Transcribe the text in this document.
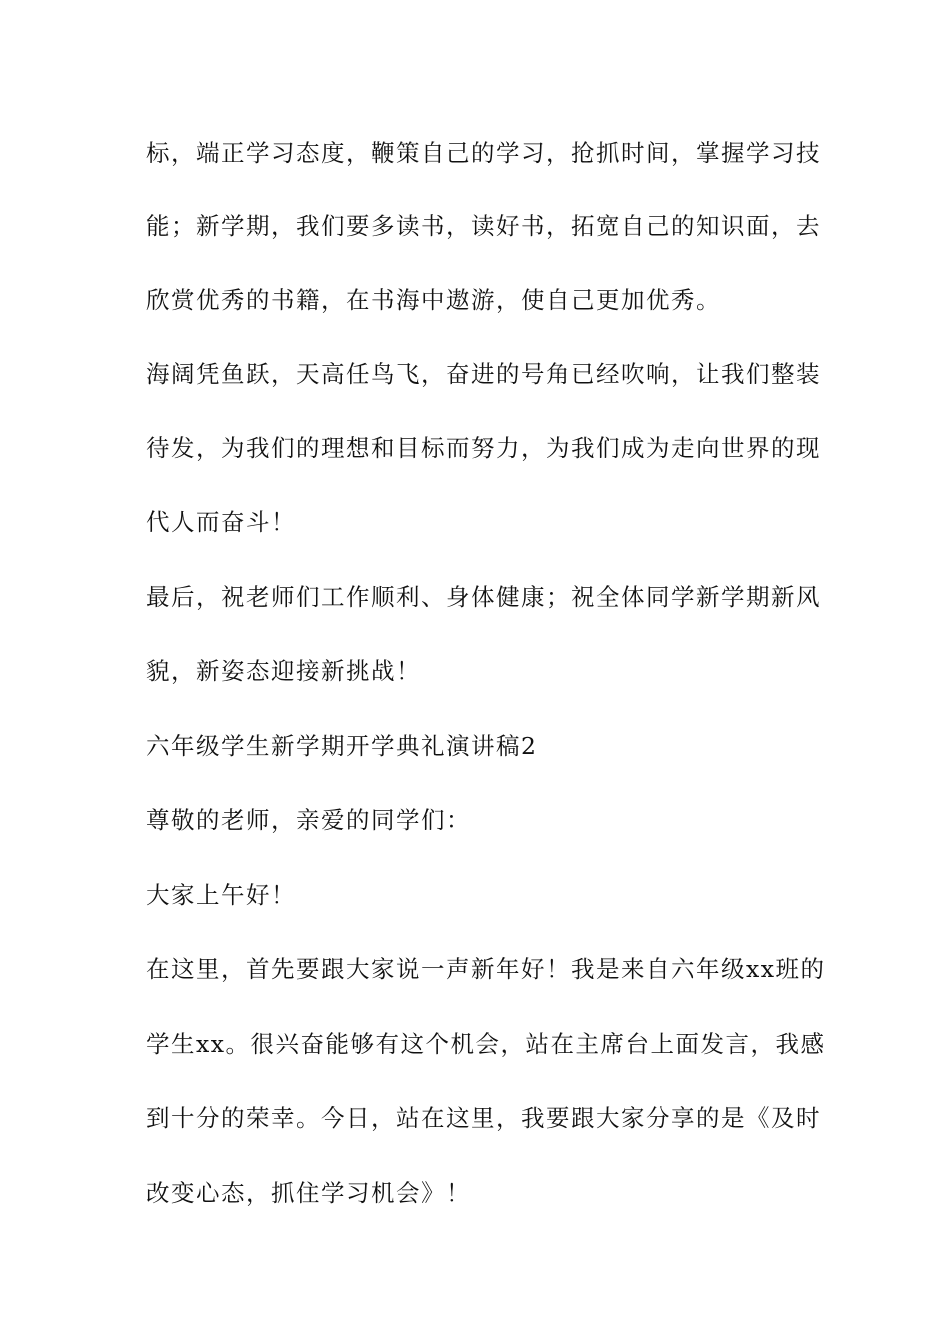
标，端正学习态度，鞭策自己的学习，抢抓时间，掌握学习技
能；新学期，我们要多读书，读好书，拓宽自己的知识面，去
欣赏优秀的书籍，在书海中遨游，使自己更加优秀。
海阔凭鱼跃，天高任鸟飞，奋进的号角已经吹响，让我们整装
待发，为我们的理想和目标而努力，为我们成为走向世界的现
代人而奋斗！
最后，祝老师们工作顺利、身体健康；祝全体同学新学期新风
貌，新姿态迎接新挑战！
六年级学生新学期开学典礼演讲稿2
尊敬的老师，亲爱的同学们：
大家上午好！
在这里，首先要跟大家说一声新年好！我是来自六年级xx班的
学生xx。很兴奋能够有这个机会，站在主席台上面发言，我感
到十分的荣幸。今日，站在这里，我要跟大家分享的是《及时
改变心态，抓住学习机会》！
